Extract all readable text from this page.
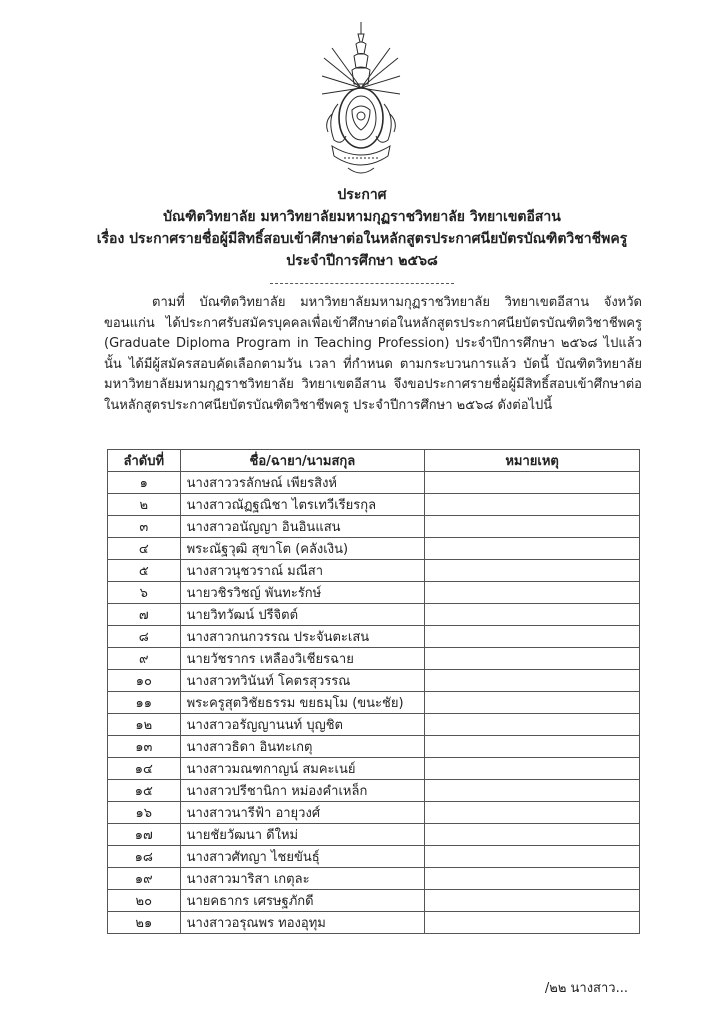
ประกาศ
บัณฑิตวิทยาลัย มหาวิทยาลัยมหามกุฏราชวิทยาลัย วิทยาเขตอีสาน
เรื่อง ประกาศรายชื่อผู้มีสิทธิ์สอบเข้าศึกษาต่อในหลักสูตรประกาศนียบัตรบัณฑิตวิชาชีพครู
ประจำปีการศึกษา ๒๕๖๘

ตามที่ บัณฑิตวิทยาลัย มหาวิทยาลัยมหามกุฏราชวิทยาลัย วิทยาเขตอีสาน จังหวัดขอนแก่น ได้ประกาศรับสมัครบุคคลเพื่อเข้าศึกษาต่อในหลักสูตรประกาศนียบัตรบัณฑิตวิชาชีพครู (Graduate Diploma Program in Teaching Profession) ประจำปีการศึกษา ๒๕๖๘ ไปแล้วนั้น ได้มีผู้สมัครสอบคัดเลือกตามวัน เวลา ที่กำหนด ตามกระบวนการแล้ว บัดนี้ บัณฑิตวิทยาลัย มหาวิทยาลัยมหามกุฏราชวิทยาลัย วิทยาเขตอีสาน จึงขอประกาศรายชื่อผู้มีสิทธิ์สอบเข้าศึกษาต่อในหลักสูตรประกาศนียบัตรบัณฑิตวิชาชีพครู ประจำปีการศึกษา ๒๕๖๘ ดังต่อไปนี้

ลำดับที่	ชื่อ/ฉายา/นามสกุล	หมายเหตุ
๑	นางสาววรลักษณ์ เพียรสิงห์	
๒	นางสาวณัฏฐณิชา ไตรเทวีเรียรกุล	
๓	นางสาวอนัญญา อินอินแสน	
๔	พระณัฐวุฒิ สุขาโต (คลังเงิน)	
๕	นางสาวนุชวราณ์ มณีสา	
๖	นายวชิรวิชญ์ พันทะรักษ์	
๗	นายวิทวัฒน์ ปรีจิตต์	
๘	นางสาวกนกวรรณ ประจันตะเสน	
๙	นายวัชรากร เหลืองวิเชียรฉาย	
๑๐	นางสาวทวินันท์ โคตรสุวรรณ	
๑๑	พระครูสุตวิชัยธรรม ขยธมฺโม (ขนะชัย)	
๑๒	นางสาวอรัญญานนท์ บุญชิต	
๑๓	นางสาวธิดา อินทะเกตุ	
๑๔	นางสาวมณฑกาญน์ สมคะเนย์	
๑๕	นางสาวปรีชานิกา หม่องคำเหล็ก	
๑๖	นางสาวนารีฟ้า อายุวงศ์	
๑๗	นายชัยวัฒนา ดีใหม่	
๑๘	นางสาวศัทญา ไชยขันธุ์	
๑๙	นางสาวมาริสา เกตุละ	
๒๐	นายคธากร เศรษฐภักดี	
๒๑	นางสาวอรุณพร ทองอุทุม	
/๒๒ นางสาว...
